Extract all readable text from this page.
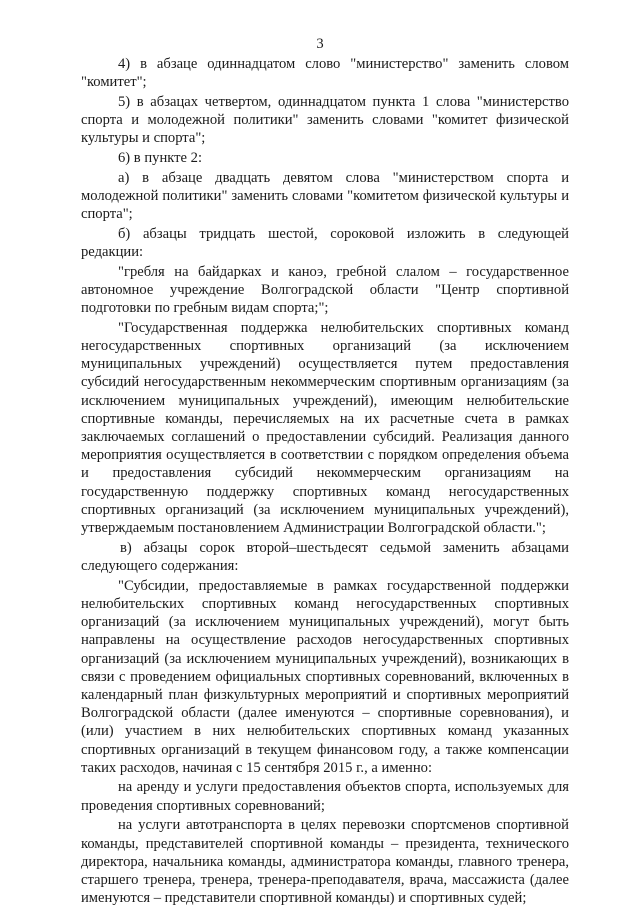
3

4) в абзаце одиннадцатом слово "министерство" заменить словом "комитет";

5) в абзацах четвертом, одиннадцатом пункта 1 слова "министерство спорта и молодежной политики" заменить словами "комитет физической культуры и спорта";

6) в пункте 2:

а) в абзаце двадцать девятом слова "министерством спорта и молодежной политики" заменить словами "комитетом физической культуры и спорта";

б) абзацы тридцать шестой, сороковой изложить в следующей редакции:

"гребля на байдарках и каноэ, гребной слалом – государственное автономное учреждение Волгоградской области "Центр спортивной подготовки по гребным видам спорта;";

"Государственная поддержка нелюбительских спортивных команд негосударственных спортивных организаций (за исключением муниципальных учреждений) осуществляется путем предоставления субсидий негосударственным некоммерческим спортивным организациям (за исключением муниципальных учреждений), имеющим нелюбительские спортивные команды, перечисляемых на их расчетные счета в рамках заключаемых соглашений о предоставлении субсидий. Реализация данного мероприятия осуществляется в соответствии с порядком определения объема и предоставления субсидий некоммерческим организациям на государственную поддержку спортивных команд негосударственных спортивных организаций (за исключением муниципальных учреждений), утверждаемым постановлением Администрации Волгоградской области.";

в) абзацы сорок второй–шестьдесят седьмой заменить абзацами следующего содержания:

"Субсидии, предоставляемые в рамках государственной поддержки нелюбительских спортивных команд негосударственных спортивных организаций (за исключением муниципальных учреждений), могут быть направлены на осуществление расходов негосударственных спортивных организаций (за исключением муниципальных учреждений), возникающих в связи с проведением официальных спортивных соревнований, включенных в календарный план физкультурных мероприятий и спортивных мероприятий Волгоградской области (далее именуются – спортивные соревнования), и (или) участием в них нелюбительских спортивных команд указанных спортивных организаций в текущем финансовом году, а также компенсации таких расходов, начиная с 15 сентября 2015 г., а именно:

на аренду и услуги предоставления объектов спорта, используемых для проведения спортивных соревнований;

на услуги автотранспорта в целях перевозки спортсменов спортивной команды, представителей спортивной команды – президента, технического директора, начальника команды, администратора команды, главного тренера, старшего тренера, тренера, тренера-преподавателя, врача, массажиста (далее именуются – представители спортивной команды) и спортивных судей;
